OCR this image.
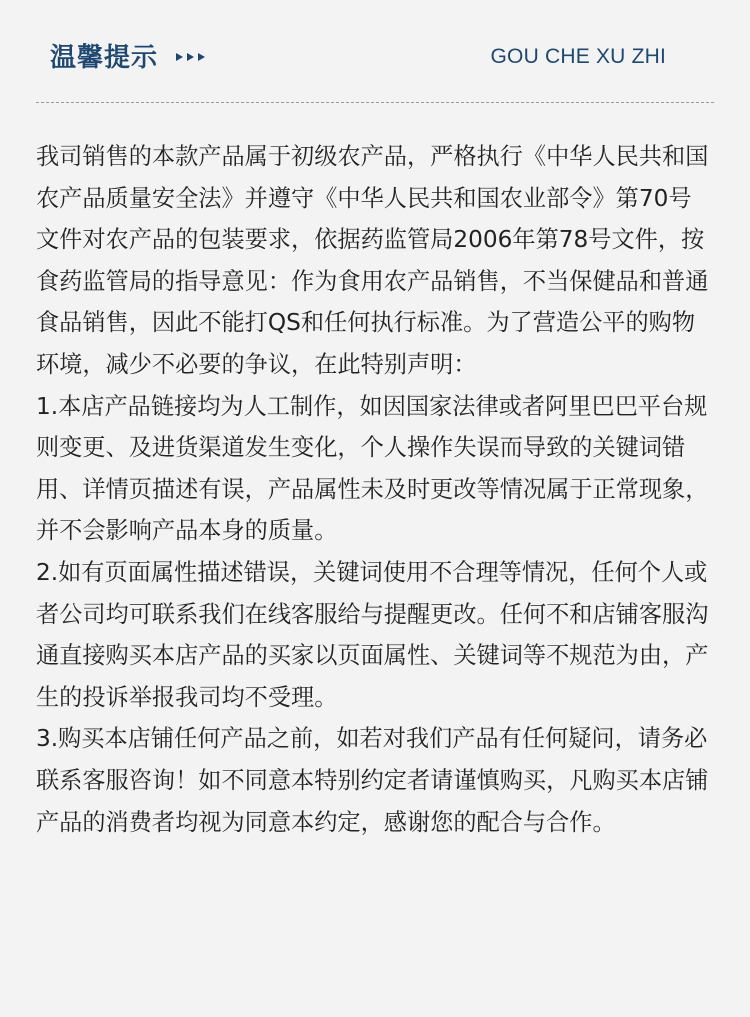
温馨提示	GOU CHE XU ZHI

我司销售的本款产品属于初级农产品，严格执行《中华人民共和国农产品质量安全法》并遵守《中华人民共和国农业部令》第70号文件对农产品的包装要求，依据药监管局2006年第78号文件，按食药监管局的指导意见：作为食用农产品销售，不当保健品和普通食品销售，因此不能打QS和任何执行标准。为了营造公平的购物环境，减少不必要的争议，在此特别声明：

1.本店产品链接均为人工制作，如因国家法律或者阿里巴巴平台规则变更、及进货渠道发生变化，个人操作失误而导致的关键词错用、详情页描述有误，产品属性未及时更改等情况属于正常现象，并不会影响产品本身的质量。

2.如有页面属性描述错误，关键词使用不合理等情况，任何个人或者公司均可联系我们在线客服给与提醒更改。任何不和店铺客服沟通直接购买本店产品的买家以页面属性、关键词等不规范为由，产生的投诉举报我司均不受理。

3.购买本店铺任何产品之前，如若对我们产品有任何疑问，请务必联系客服咨询！如不同意本特别约定者请谨慎购买，凡购买本店铺产品的消费者均视为同意本约定，感谢您的配合与合作。
